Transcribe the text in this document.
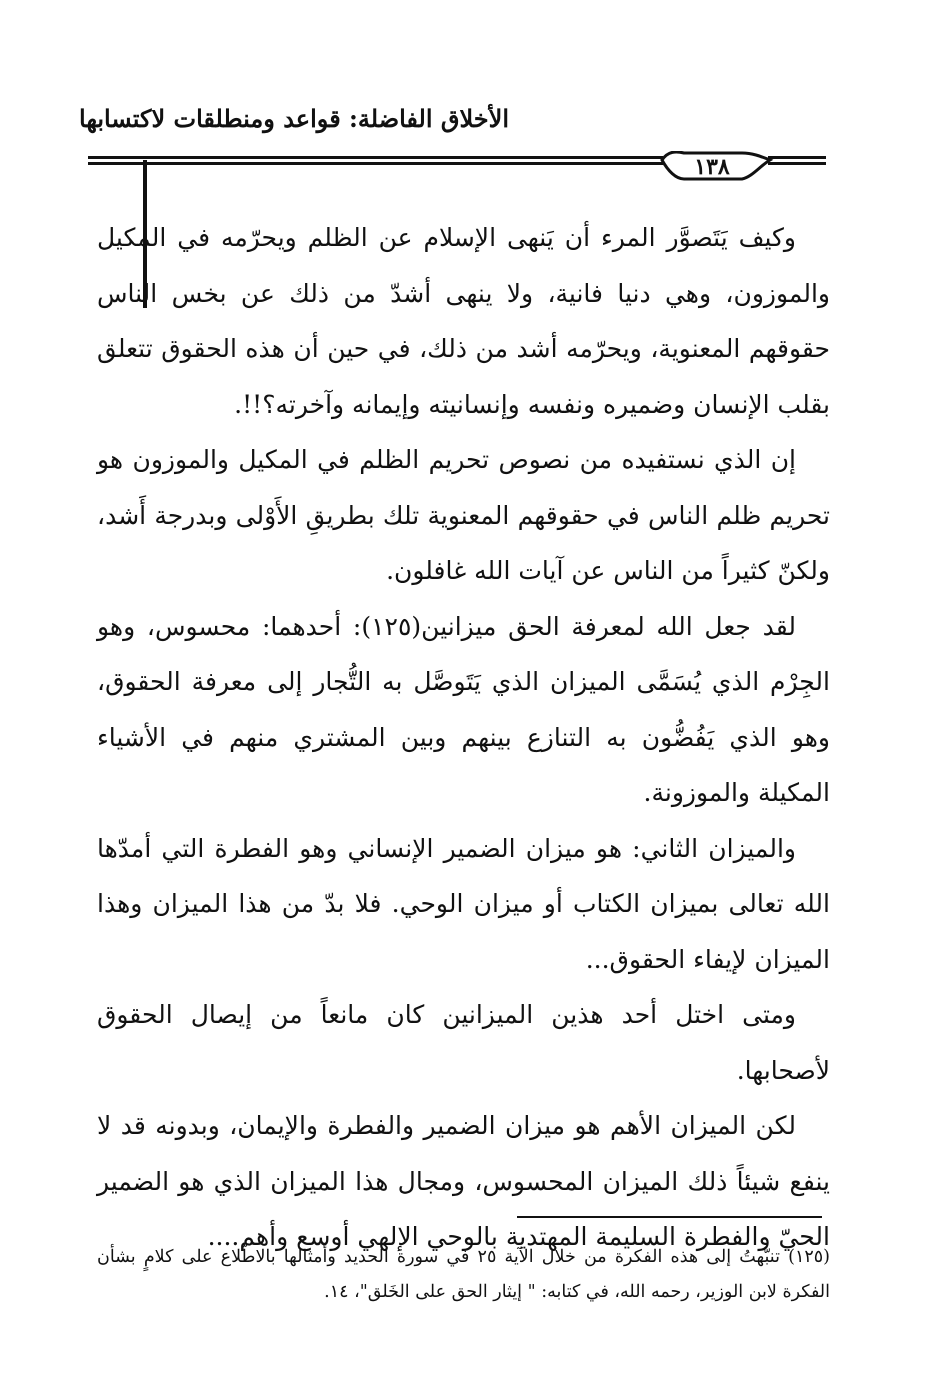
الأخلاق الفاضلة: قواعد ومنطلقات لاكتسابها
١٣٨

وكيف يَتَصوَّر المرء أن يَنهى الإسلام عن الظلم ويحرّمه في المكيل والموزون، وهي دنيا فانية، ولا ينهى أشدّ من ذلك عن بخس الناس حقوقهم المعنوية، ويحرّمه أشد من ذلك، في حين أن هذه الحقوق تتعلق بقلب الإنسان وضميره ونفسه وإنسانيته وإيمانه وآخرته؟!!.

إن الذي نستفيده من نصوص تحريم الظلم في المكيل والموزون هو تحريم ظلم الناس في حقوقهم المعنوية تلك بطريقِ الأَوْلى وبدرجة أَشد، ولكنّ كثيراً من الناس عن آيات الله غافلون.

لقد جعل الله لمعرفة الحق ميزانين(١٢٥): أحدهما: محسوس، وهو الجِرْم الذي يُسَمَّى الميزان الذي يَتَوصَّل به التُّجار إلى معرفة الحقوق، وهو الذي يَفُضُّون به التنازع بينهم وبين المشتري منهم في الأشياء المكيلة والموزونة.

والميزان الثاني: هو ميزان الضمير الإنساني وهو الفطرة التي أمدّها الله تعالى بميزان الكتاب أو ميزان الوحي. فلا بدّ من هذا الميزان وهذا الميزان لإيفاء الحقوق...

ومتى اختل أحد هذين الميزانين كان مانعاً من إيصال الحقوق لأصحابها.

لكن الميزان الأهم هو ميزان الضمير والفطرة والإيمان، وبدونه قد لا ينفع شيئاً ذلك الميزان المحسوس، ومجال هذا الميزان الذي هو الضمير الحيّ والفطرة السليمة المهتدية بالوحي الإلهي أوسع وأهم....

(١٢٥) تنبّهتُ إلى هذه الفكرة من خلال الآية ٢٥ في سورة الحديد وأمثالها بالاطّلاع على كلامٍ بشأن الفكرة لابن الوزير، رحمه الله، في كتابه: " إيثار الحق على الخَلق"، ١٤.
